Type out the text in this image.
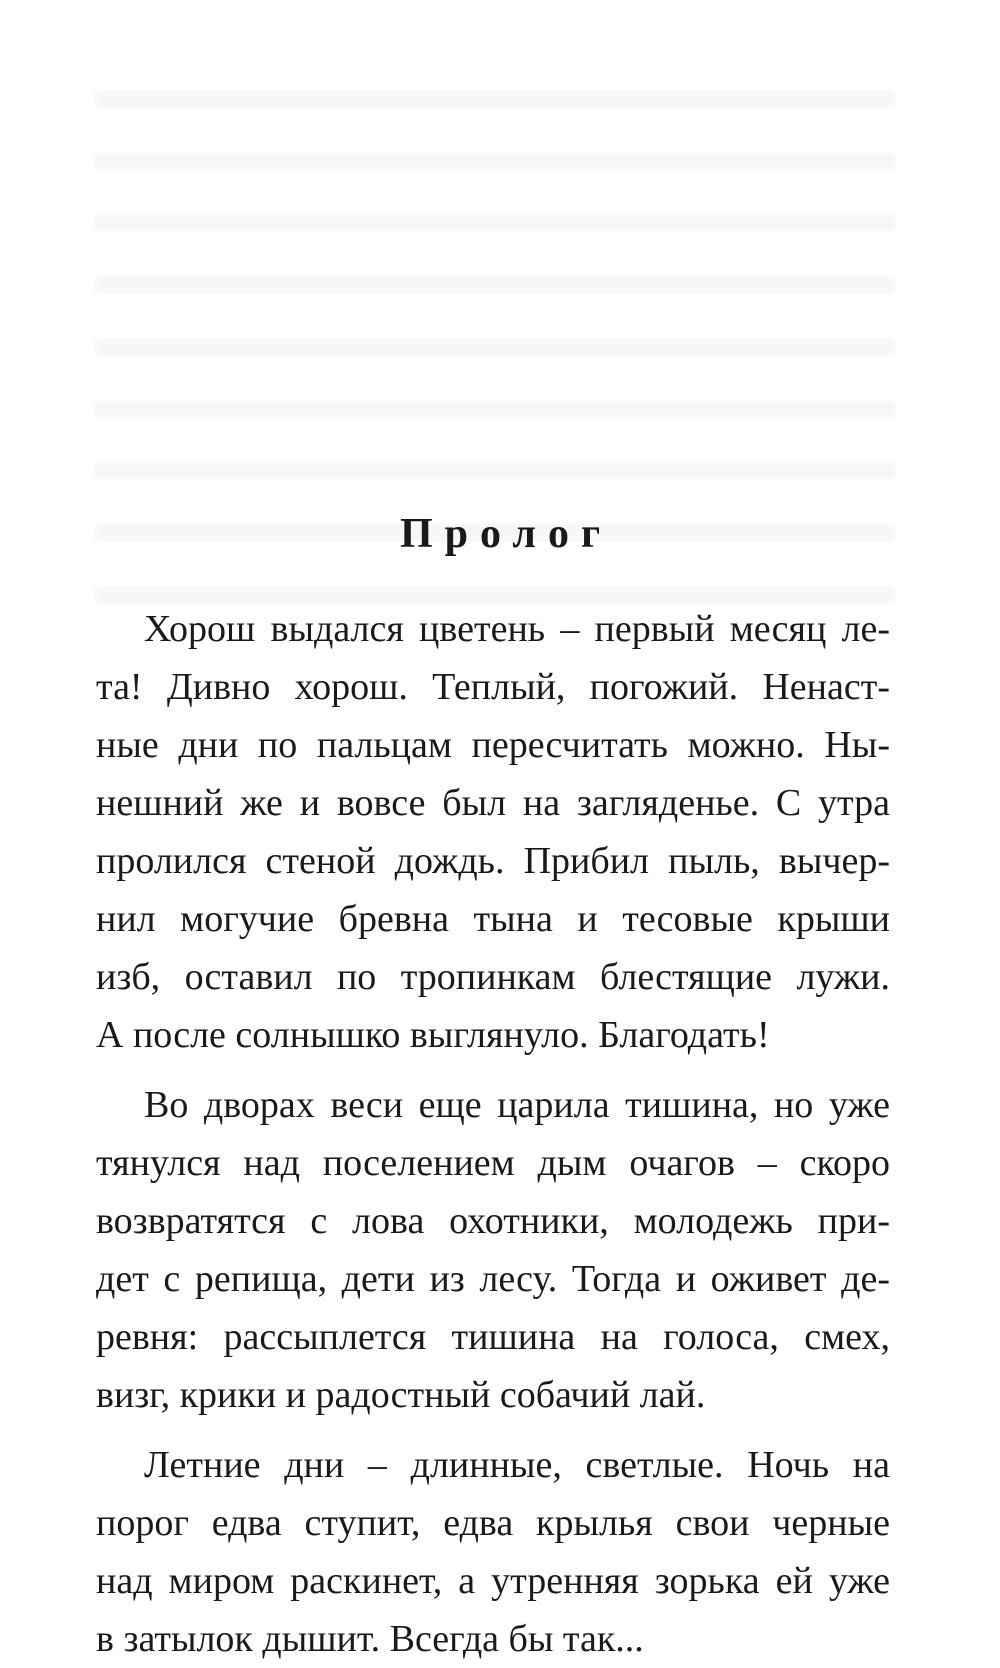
Пролог
Хорош выдался цветень – первый месяц ле-
та! Дивно хорош. Теплый, погожий. Ненаст-
ные дни по пальцам пересчитать можно. Ны-
нешний же и вовсе был на загляденье. С утра
пролился стеной дождь. Прибил пыль, вычер-
нил могучие бревна тына и тесовые крыши
изб, оставил по тропинкам блестящие лужи.
А после солнышко выглянуло. Благодать!
Во дворах веси еще царила тишина, но уже
тянулся над поселением дым очагов – скоро
возвратятся с лова охотники, молодежь при-
дет с репища, дети из лесу. Тогда и оживет де-
ревня: рассыплется тишина на голоса, смех,
визг, крики и радостный собачий лай.
Летние дни – длинные, светлые. Ночь на
порог едва ступит, едва крылья свои черные
над миром раскинет, а утренняя зорька ей уже
в затылок дышит. Всегда бы так...
